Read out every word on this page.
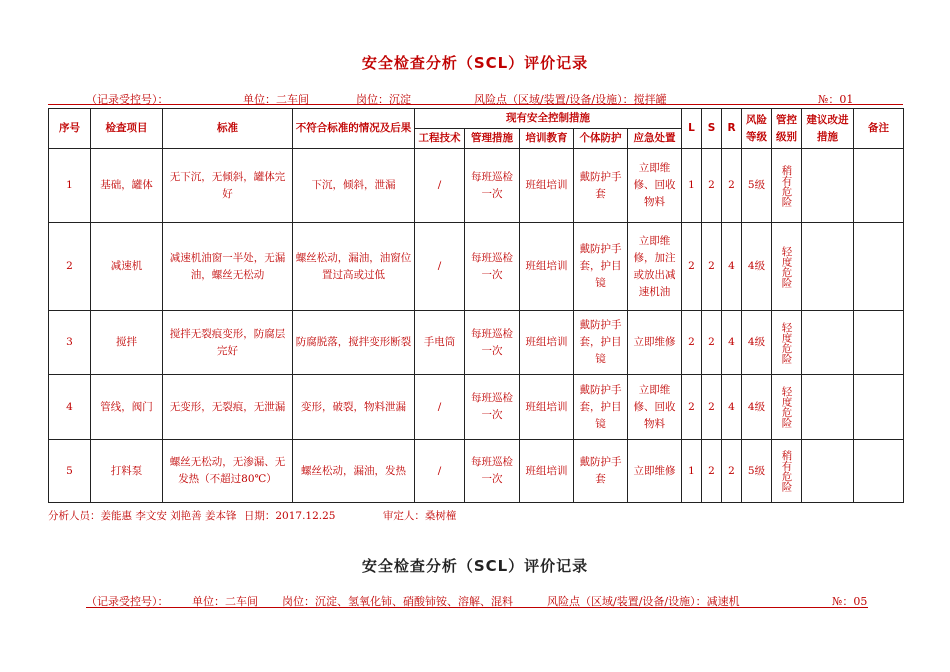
安全检查分析（SCL）评价记录
（记录受控号）：	单位：二车间	岗位：沉淀	风险点（区域/装置/设备/设施）：搅拌罐	№：01
序号	检查项目	标准	不符合标准的情况及后果	现有安全控制措施					L	S	R	风险等级	管控级别	建议改进措施	备注
				工程技术	管理措施	培训教育	个体防护	应急处置							
1	基础，罐体	无下沉，无倾斜，罐体完好	下沉，倾斜，泄漏	/	每班巡检一次	班组培训	戴防护手套	立即维修、回收物料	1	2	2	5级	稍有危险		

2	减速机	减速机油窗一半处，无漏油，螺丝无松动	螺丝松动，漏油，油窗位置过高或过低	/	每班巡检一次	班组培训	戴防护手套，护目镜	立即维修，加注或放出减速机油	2	2	4	4级	轻度危险		

3	搅拌	搅拌无裂痕变形，防腐层完好	防腐脱落，搅拌变形断裂	手电筒	每班巡检一次	班组培训	戴防护手套，护目镜	立即维修	2	2	4	4级	轻度危险		

4	管线，阀门	无变形，无裂痕，无泄漏	变形，破裂，物料泄漏	/	每班巡检一次	班组培训	戴防护手套，护目镜	立即维修、回收物料	2	2	4	4级	轻度危险		

5	打料泵	螺丝无松动，无渗漏、无发热（不超过80℃）	螺丝松动，漏油，发热	/	每班巡检一次	班组培训	戴防护手套	立即维修	1	2	2	5级	稍有危险		

分析人员：姜能惠 李文安 刘艳善 姜本锋 日期：2017.12.25	审定人：桑树橦
安全检查分析（SCL）评价记录
（记录受控号）： 单位：二车间 岗位：沉淀、氢氧化铈、硝酸铈铵、溶解、混料	风险点（区域/装置/设备/设施）：减速机	№：05
